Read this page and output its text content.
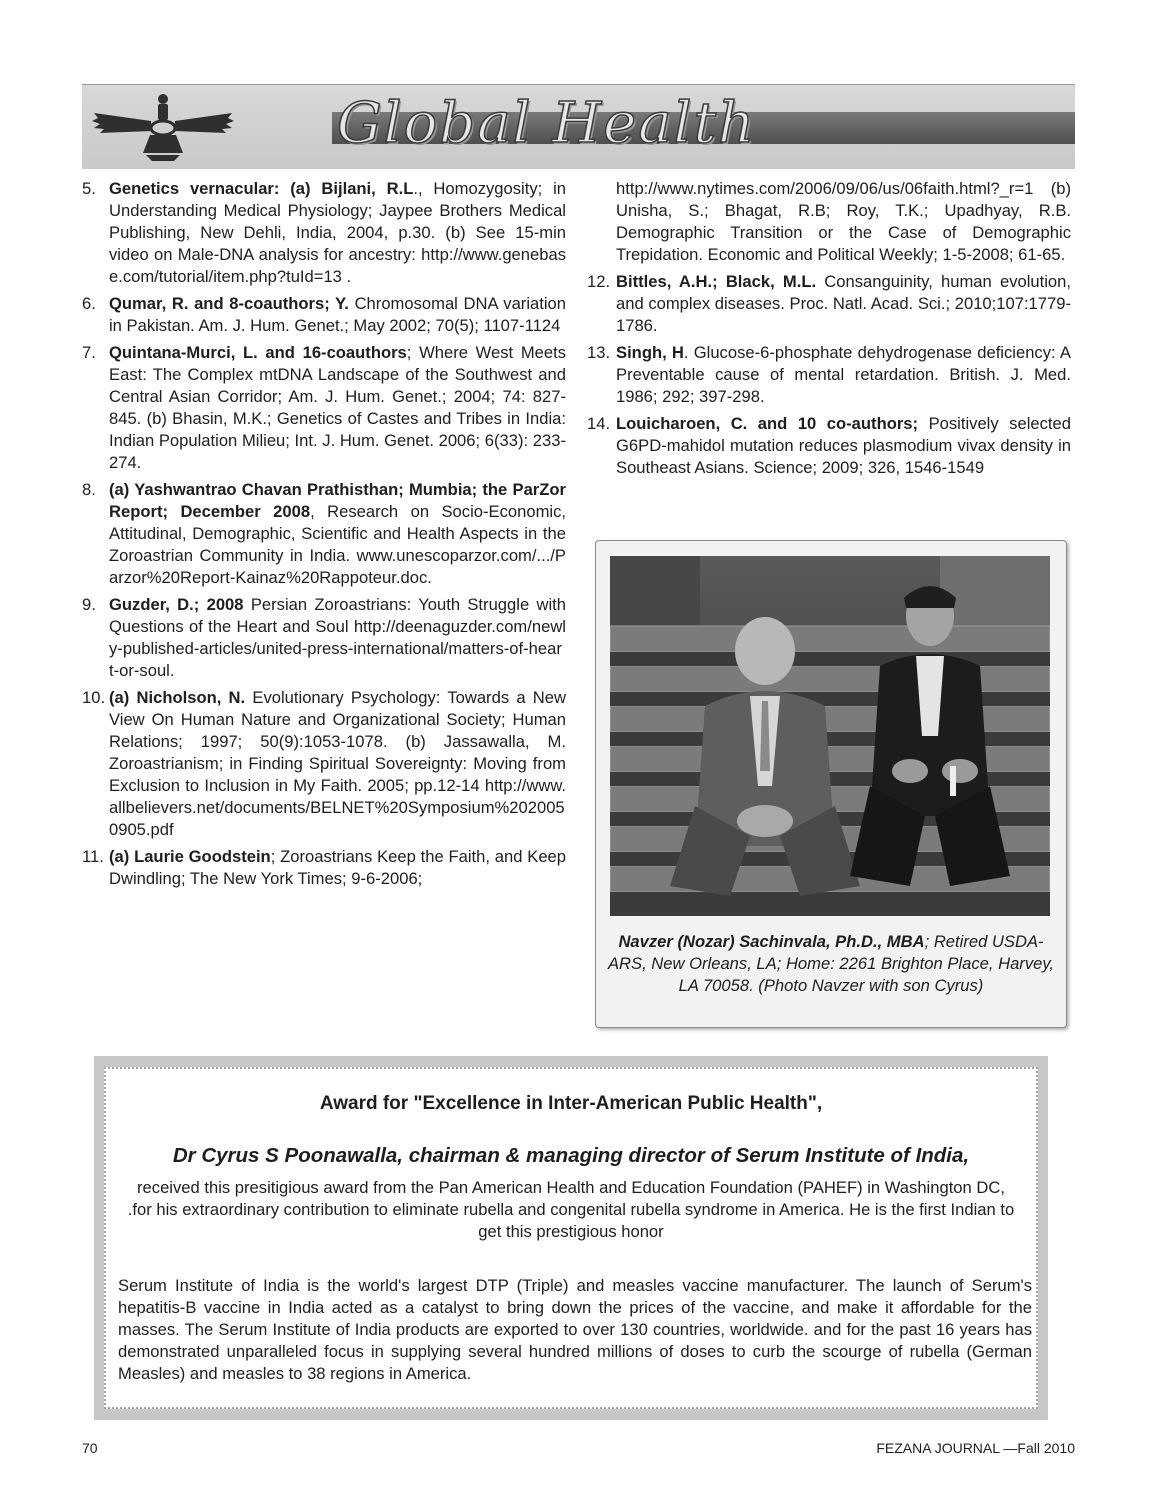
Global Health
5. Genetics vernacular: (a) Bijlani, R.L., Homozygosity; in Understanding Medical Physiology; Jaypee Brothers Medical Publishing, New Dehli, India, 2004, p.30. (b) See 15-min video on Male-DNA analysis for ancestry: http://www.genebase.com/tutorial/item.php?tuId=13 .
6. Qumar, R. and 8-coauthors; Y. Chromosomal DNA variation in Pakistan. Am. J. Hum. Genet.; May 2002; 70(5); 1107-1124
7. Quintana-Murci, L. and 16-coauthors; Where West Meets East: The Complex mtDNA Landscape of the Southwest and Central Asian Corridor; Am. J. Hum. Genet.; 2004; 74: 827-845. (b) Bhasin, M.K.; Genetics of Castes and Tribes in India: Indian Population Milieu; Int. J. Hum. Genet. 2006; 6(33): 233-274.
8. (a) Yashwantrao Chavan Prathisthan; Mumbia; the ParZor Report; December 2008, Research on Socio-Economic, Attitudinal, Demographic, Scientific and Health Aspects in the Zoroastrian Community in India. www.unescoparzor.com/.../Parzor%20Report-Kainaz%20Rappoteur.doc.
9. Guzder, D.; 2008 Persian Zoroastrians: Youth Struggle with Questions of the Heart and Soul http://deenaguzder.com/newly-published-articles/united-press-international/matters-of-heart-or-soul.
10. (a) Nicholson, N. Evolutionary Psychology: Towards a New View On Human Nature and Organizational Society; Human Relations; 1997; 50(9):1053-1078. (b) Jassawalla, M. Zoroastrianism; in Finding Spiritual Sovereignty: Moving from Exclusion to Inclusion in My Faith. 2005; pp.12-14 http://www.allbelievers.net/documents/BELNET%20Symposium%2020050905.pdf
11. (a) Laurie Goodstein; Zoroastrians Keep the Faith, and Keep Dwindling; The New York Times; 9-6-2006;
http://www.nytimes.com/2006/09/06/us/06faith.html?_r=1 (b) Unisha, S.; Bhagat, R.B; Roy, T.K.; Upadhyay, R.B. Demographic Transition or the Case of Demographic Trepidation. Economic and Political Weekly; 1-5-2008; 61-65.
12. Bittles, A.H.; Black, M.L. Consanguinity, human evolution, and complex diseases. Proc. Natl. Acad. Sci.; 2010;107:1779-1786.
13. Singh, H. Glucose-6-phosphate dehydrogenase deficiency: A Preventable cause of mental retardation. British. J. Med. 1986; 292; 397-298.
14. Louicharoen, C. and 10 co-authors; Positively selected G6PD-mahidol mutation reduces plasmodium vivax density in Southeast Asians. Science; 2009; 326, 1546-1549
Navzer (Nozar) Sachinvala, Ph.D., MBA; Retired USDA-ARS, New Orleans, LA; Home: 2261 Brighton Place, Harvey, LA 70058. (Photo Navzer with son Cyrus)
Award for "Excellence in Inter-American Public Health",
Dr Cyrus S Poonawalla, chairman & managing director of Serum Institute of India,
received this presitigious award from the Pan American Health and Education Foundation (PAHEF) in Washington DC, .for his extraordinary contribution to eliminate rubella and congenital rubella syndrome in America. He is the first Indian to get this prestigious honor
Serum Institute of India is the world's largest DTP (Triple) and measles vaccine manufacturer. The launch of Serum's hepatitis-B vaccine in India acted as a catalyst to bring down the prices of the vaccine, and make it affordable for the masses. The Serum Institute of India products are exported to over 130 countries, worldwide. and for the past 16 years has demonstrated unparalleled focus in supplying several hundred millions of doses to curb the scourge of rubella (German Measles) and measles to 38 regions in America.
70	FEZANA JOURNAL —Fall 2010
